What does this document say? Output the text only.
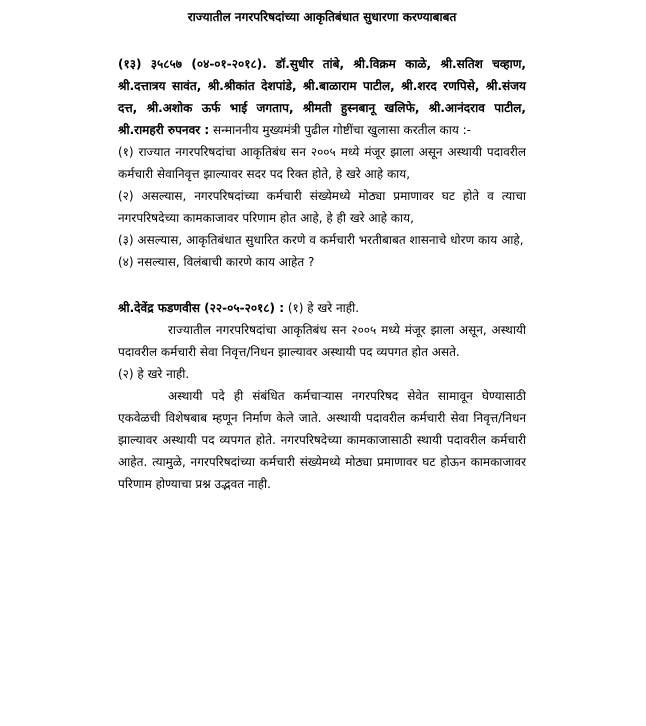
राज्यातील नगरपरिषदांच्या आकृतिबंधात सुधारणा करण्याबाबत

(१३) ३५८५७ (०४-०१-२०१८). डॉ.सुधीर तांबे, श्री.विक्रम काळे, श्री.सतिश चव्हाण, श्री.दत्तात्रय सावंत, श्री.श्रीकांत देशपांडे, श्री.बाळाराम पाटील, श्री.शरद रणपिसे, श्री.संजय दत्त, श्री.अशोक ऊर्फ भाई जगताप, श्रीमती हुस्नबानू खलिफे, श्री.आनंदराव पाटील, श्री.रामहरी रुपनवर : सन्माननीय मुख्यमंत्री पुढील गोष्टींचा खुलासा करतील काय :-

(१) राज्यात नगरपरिषदांचा आकृतिबंध सन २००५ मध्ये मंजूर झाला असून अस्थायी पदावरील कर्मचारी सेवानिवृत्त झाल्यावर सदर पद रिक्त होते, हे खरे आहे काय,

(२) असल्यास, नगरपरिषदांच्या कर्मचारी संख्येमध्ये मोठ्या प्रमाणावर घट होते व त्याचा नगरपरिषदेच्या कामकाजावर परिणाम होत आहे, हे ही खरे आहे काय,

(३) असल्यास, आकृतिबंधात सुधारित करणे व कर्मचारी भरतीबाबत शासनाचे धोरण काय आहे,

(४) नसल्यास, विलंबाची कारणे काय आहेत ?

श्री.देवेंद्र फडणवीस (२२-०५-२०१८) : (१) हे खरे नाही.

राज्यातील नगरपरिषदांचा आकृतिबंध सन २००५ मध्ये मंजूर झाला असून, अस्थायी पदावरील कर्मचारी सेवा निवृत्त/निधन झाल्यावर अस्थायी पद व्यपगत होत असते.

(२) हे खरे नाही.

अस्थायी पदे ही संबंधित कर्मचाऱ्यास नगरपरिषद सेवेत सामावून घेण्यासाठी एकवेळची विशेषबाब म्हणून निर्माण केले जाते. अस्थायी पदावरील कर्मचारी सेवा निवृत्त/निधन झाल्यावर अस्थायी पद व्यपगत होते. नगरपरिषदेच्या कामकाजासाठी स्थायी पदावरील कर्मचारी आहेत. त्यामुळे, नगरपरिषदांच्या कर्मचारी संख्येमध्ये मोठ्या प्रमाणावर घट होऊन कामकाजावर परिणाम होण्याचा प्रश्न उद्भवत नाही.
